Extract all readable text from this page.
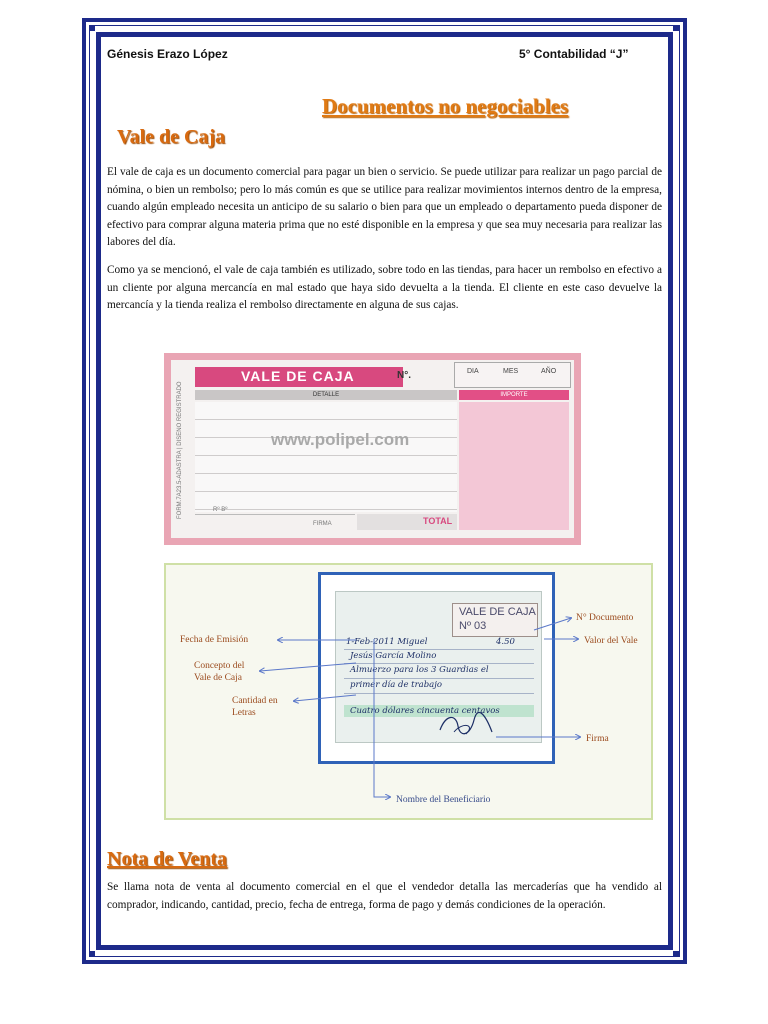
Génesis Erazo López	5° Contabilidad “J”
Documentos no negociables
Vale de Caja
El vale de caja es un documento comercial para pagar un bien o servicio. Se puede utilizar para realizar un pago parcial de nómina, o bien un rembolso; pero lo más común es que se utilice para realizar movimientos internos dentro de la empresa, cuando algún empleado necesita un anticipo de su salario o bien para que un empleado o departamento pueda disponer de efectivo para comprar alguna materia prima que no esté disponible en la empresa y que sea muy necesaria para realizar las labores del día.
Como ya se mencionó, el vale de caja también es utilizado, sobre todo en las tiendas, para hacer un rembolso en efectivo a un cliente por alguna mercancía en mal estado que haya sido devuelta a la tienda. El cliente en este caso devuelve la mercancía y la tienda realiza el rembolso directamente en alguna de sus cajas.
FORM.7A23.5-ADASTRA | DISEÑO REGISTRADO
VALE DE CAJA	N°.	DIA	MES	AÑO
DETALLE	IMPORTE
www.polipel.com
Rº Bº
FIRMA	TOTAL
VALE DE CAJA
Nº 03
1-Feb-2011 Miguel	4.50
Jesús García Molino
Almuerzo para los 3 Guardias el
primer día de trabajo
Cuatro dólares cincuenta centavos
Fecha de Emisión
Concepto del Vale de Caja
Cantidad en Letras
N° Documento
Valor del Vale
Firma
Nombre del Beneficiario
Nota de Venta
Se llama nota de venta al documento comercial en el que el vendedor detalla las mercaderías que ha vendido al comprador, indicando, cantidad, precio, fecha de entrega, forma de pago y demás condiciones de la operación.
